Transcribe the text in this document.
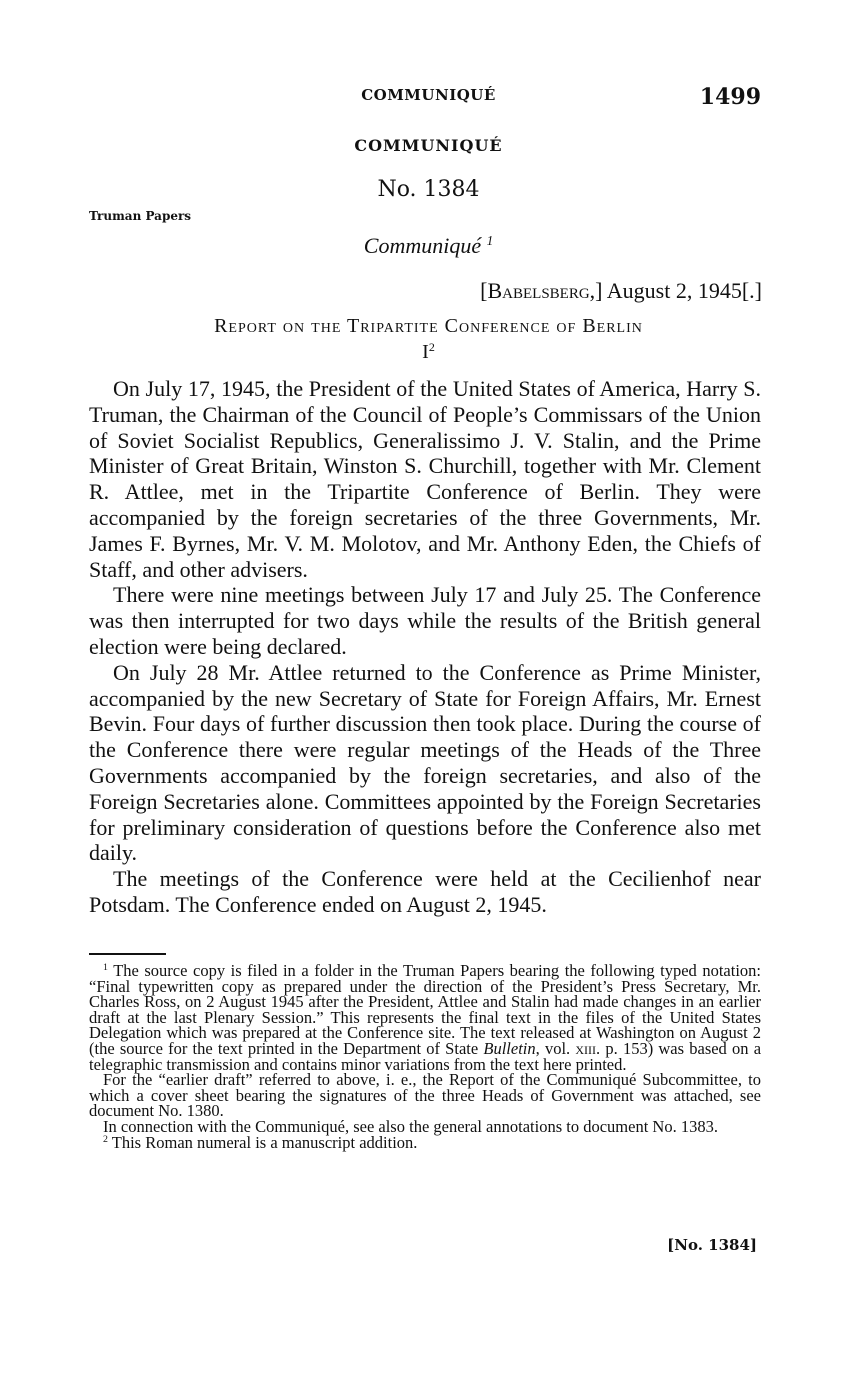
COMMUNIQUÉ	1499
COMMUNIQUÉ
No. 1384
Truman Papers
Communiqué $^1$
[Babelsberg,] August 2, 1945[.]
Report on the Tripartite Conference of Berlin
$I^2$

On July 17, 1945, the President of the United States of America, Harry S. Truman, the Chairman of the Council of People’s Commissars of the Union of Soviet Socialist Republics, Generalissimo J. V. Stalin, and the Prime Minister of Great Britain, Winston S. Churchill, together with Mr. Clement R. Attlee, met in the Tripartite Conference of Berlin. They were accompanied by the foreign secretaries of the three Governments, Mr. James F. Byrnes, Mr. V. M. Molotov, and Mr. Anthony Eden, the Chiefs of Staff, and other advisers.

There were nine meetings between July 17 and July 25. The Conference was then interrupted for two days while the results of the British general election were being declared.

On July 28 Mr. Attlee returned to the Conference as Prime Minister, accompanied by the new Secretary of State for Foreign Affairs, Mr. Ernest Bevin. Four days of further discussion then took place. During the course of the Conference there were regular meetings of the Heads of the Three Governments accompanied by the foreign secretaries, and also of the Foreign Secretaries alone. Committees appointed by the Foreign Secretaries for preliminary consideration of questions before the Conference also met daily.

The meetings of the Conference were held at the Cecilienhof near Potsdam. The Conference ended on August 2, 1945.

$^1$ The source copy is filed in a folder in the Truman Papers bearing the following typed notation: “Final typewritten copy as prepared under the direction of the President’s Press Secretary, Mr. Charles Ross, on 2 August 1945 after the President, Attlee and Stalin had made changes in an earlier draft at the last Plenary Session.” This represents the final text in the files of the United States Delegation which was prepared at the Conference site. The text released at Washington on August 2 (the source for the text printed in the Department of State Bulletin, vol. xiii. p. 153) was based on a telegraphic transmission and contains minor variations from the text here printed.

For the “earlier draft” referred to above, i. e., the Report of the Communiqué Subcommittee, to which a cover sheet bearing the signatures of the three Heads of Government was attached, see document No. 1380.

In connection with the Communiqué, see also the general annotations to document No. 1383.

$^2$ This Roman numeral is a manuscript addition.

[No. 1384]
